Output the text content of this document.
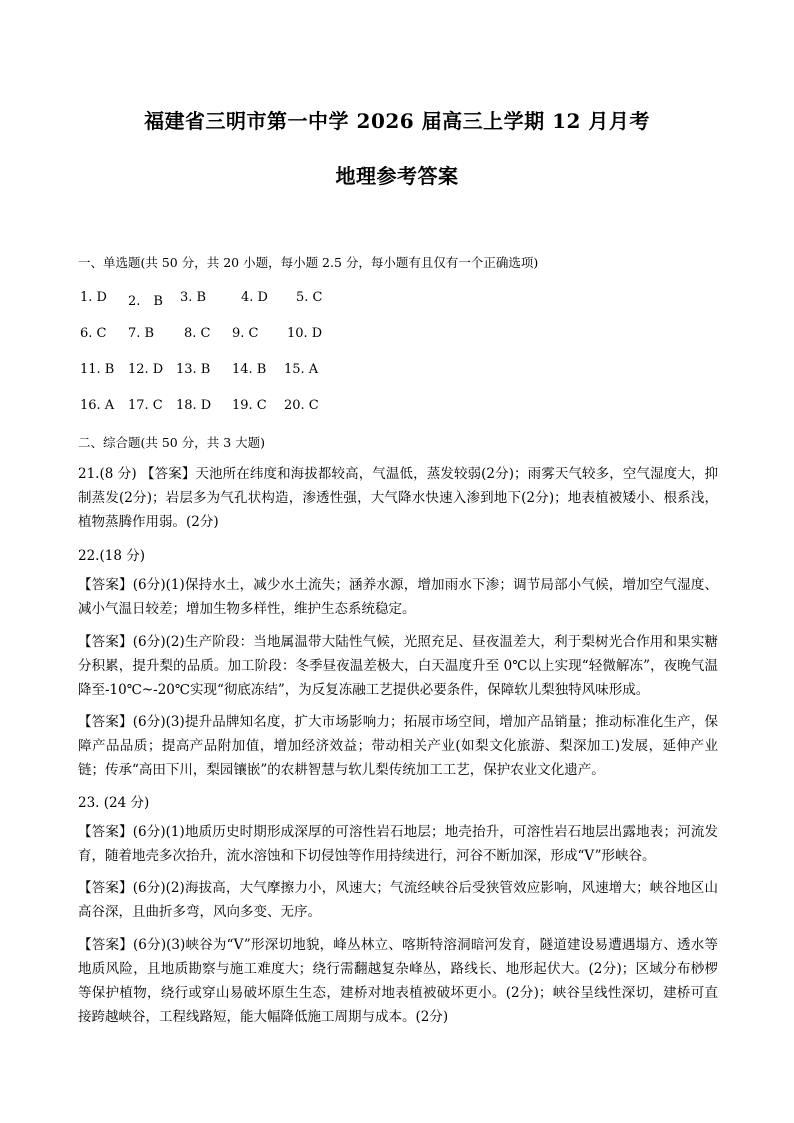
福建省三明市第一中学 2026 届高三上学期 12 月月考
地理参考答案
一、单选题(共 50 分，共 20 小题，每小题 2.5 分，每小题有且仅有一个正确选项)
1. D	2.　B	3. B	4. D	5. C
6. C	7. B	8. C	9. C	10. D
11. B	12. D 13. B	14. B	15. A
16. A	17. C	18. D	19. C	20. C
二、综合题(共 50 分，共 3 大题)
21.(8 分) 【答案】天池所在纬度和海拔都较高，气温低，蒸发较弱(2分)；雨雾天气较多，空气湿度大，抑制蒸发(2分)；岩层多为气孔状构造，渗透性强，大气降水快速入渗到地下(2分)；地表植被矮小、根系浅，植物蒸腾作用弱。(2分)
22.(18 分)
【答案】(6分)(1)保持水土，减少水土流失；涵养水源，增加雨水下渗；调节局部小气候，增加空气湿度、减小气温日较差；增加生物多样性，维护生态系统稳定。
【答案】(6分)(2)生产阶段：当地属温带大陆性气候，光照充足、昼夜温差大，利于梨树光合作用和果实糖分积累，提升梨的品质。加工阶段：冬季昼夜温差极大，白天温度升至 0℃以上实现“轻微解冻”，夜晚气温降至-10℃~-20℃实现“彻底冻结”，为反复冻融工艺提供必要条件，保障软儿梨独特风味形成。
【答案】(6分)(3)提升品牌知名度，扩大市场影响力；拓展市场空间，增加产品销量；推动标准化生产，保障产品品质；提高产品附加值，增加经济效益；带动相关产业(如梨文化旅游、梨深加工)发展，延伸产业链；传承“高田下川，梨园镶嵌”的农耕智慧与软儿梨传统加工工艺，保护农业文化遗产。
23. (24 分)
【答案】(6分)(1)地质历史时期形成深厚的可溶性岩石地层；地壳抬升，可溶性岩石地层出露地表；河流发育，随着地壳多次抬升，流水溶蚀和下切侵蚀等作用持续进行，河谷不断加深，形成“V”形峡谷。
【答案】(6分)(2)海拔高，大气摩擦力小，风速大；气流经峡谷后受狭管效应影响，风速增大；峡谷地区山高谷深，且曲折多弯，风向多变、无序。
【答案】(6分)(3)峡谷为“V”形深切地貌，峰丛林立、喀斯特溶洞暗河发育，隧道建设易遭遇塌方、透水等地质风险，且地质勘察与施工难度大；绕行需翻越复杂峰丛，路线长、地形起伏大。(2分)；区域分布桫椤等保护植物，绕行或穿山易破坏原生生态，建桥对地表植被破坏更小。(2分)；峡谷呈线性深切，建桥可直接跨越峡谷，工程线路短，能大幅降低施工周期与成本。(2分)
